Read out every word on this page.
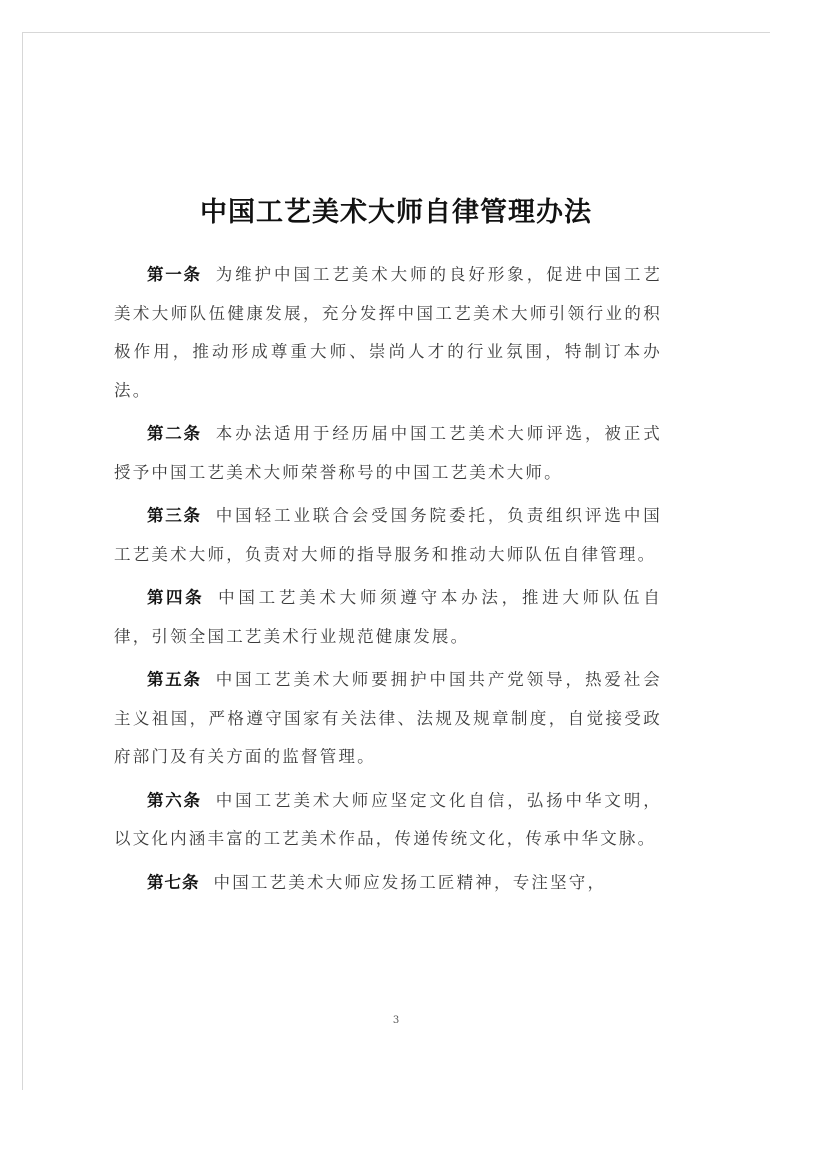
中国工艺美术大师自律管理办法

第一条 为维护中国工艺美术大师的良好形象，促进中国工艺美术大师队伍健康发展，充分发挥中国工艺美术大师引领行业的积极作用，推动形成尊重大师、崇尚人才的行业氛围，特制订本办法。

第二条 本办法适用于经历届中国工艺美术大师评选，被正式授予中国工艺美术大师荣誉称号的中国工艺美术大师。

第三条 中国轻工业联合会受国务院委托，负责组织评选中国工艺美术大师，负责对大师的指导服务和推动大师队伍自律管理。

第四条 中国工艺美术大师须遵守本办法，推进大师队伍自律，引领全国工艺美术行业规范健康发展。

第五条 中国工艺美术大师要拥护中国共产党领导，热爱社会主义祖国，严格遵守国家有关法律、法规及规章制度，自觉接受政府部门及有关方面的监督管理。

第六条 中国工艺美术大师应坚定文化自信，弘扬中华文明，以文化内涵丰富的工艺美术作品，传递传统文化，传承中华文脉。

第七条 中国工艺美术大师应发扬工匠精神，专注坚守，

3
